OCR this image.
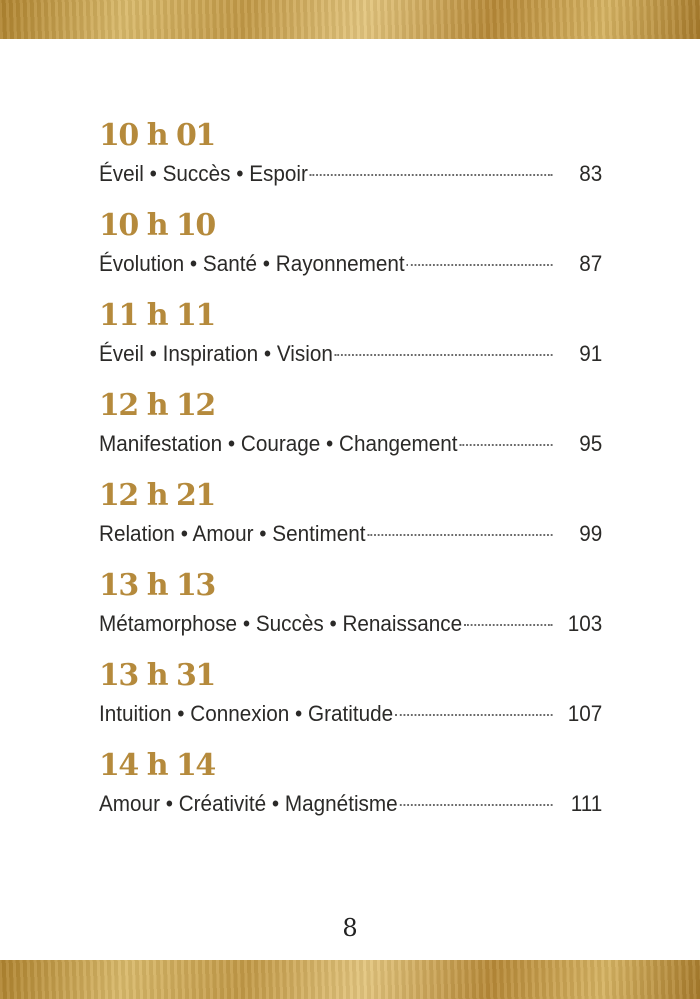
10 h 01
Éveil • Succès • Espoir	83
10 h 10
Évolution • Santé • Rayonnement	87
11 h 11
Éveil • Inspiration • Vision	91
12 h 12
Manifestation • Courage • Changement	95
12 h 21
Relation • Amour • Sentiment	99
13 h 13
Métamorphose • Succès • Renaissance	103
13 h 31
Intuition • Connexion • Gratitude	107
14 h 14
Amour • Créativité • Magnétisme	111
8
